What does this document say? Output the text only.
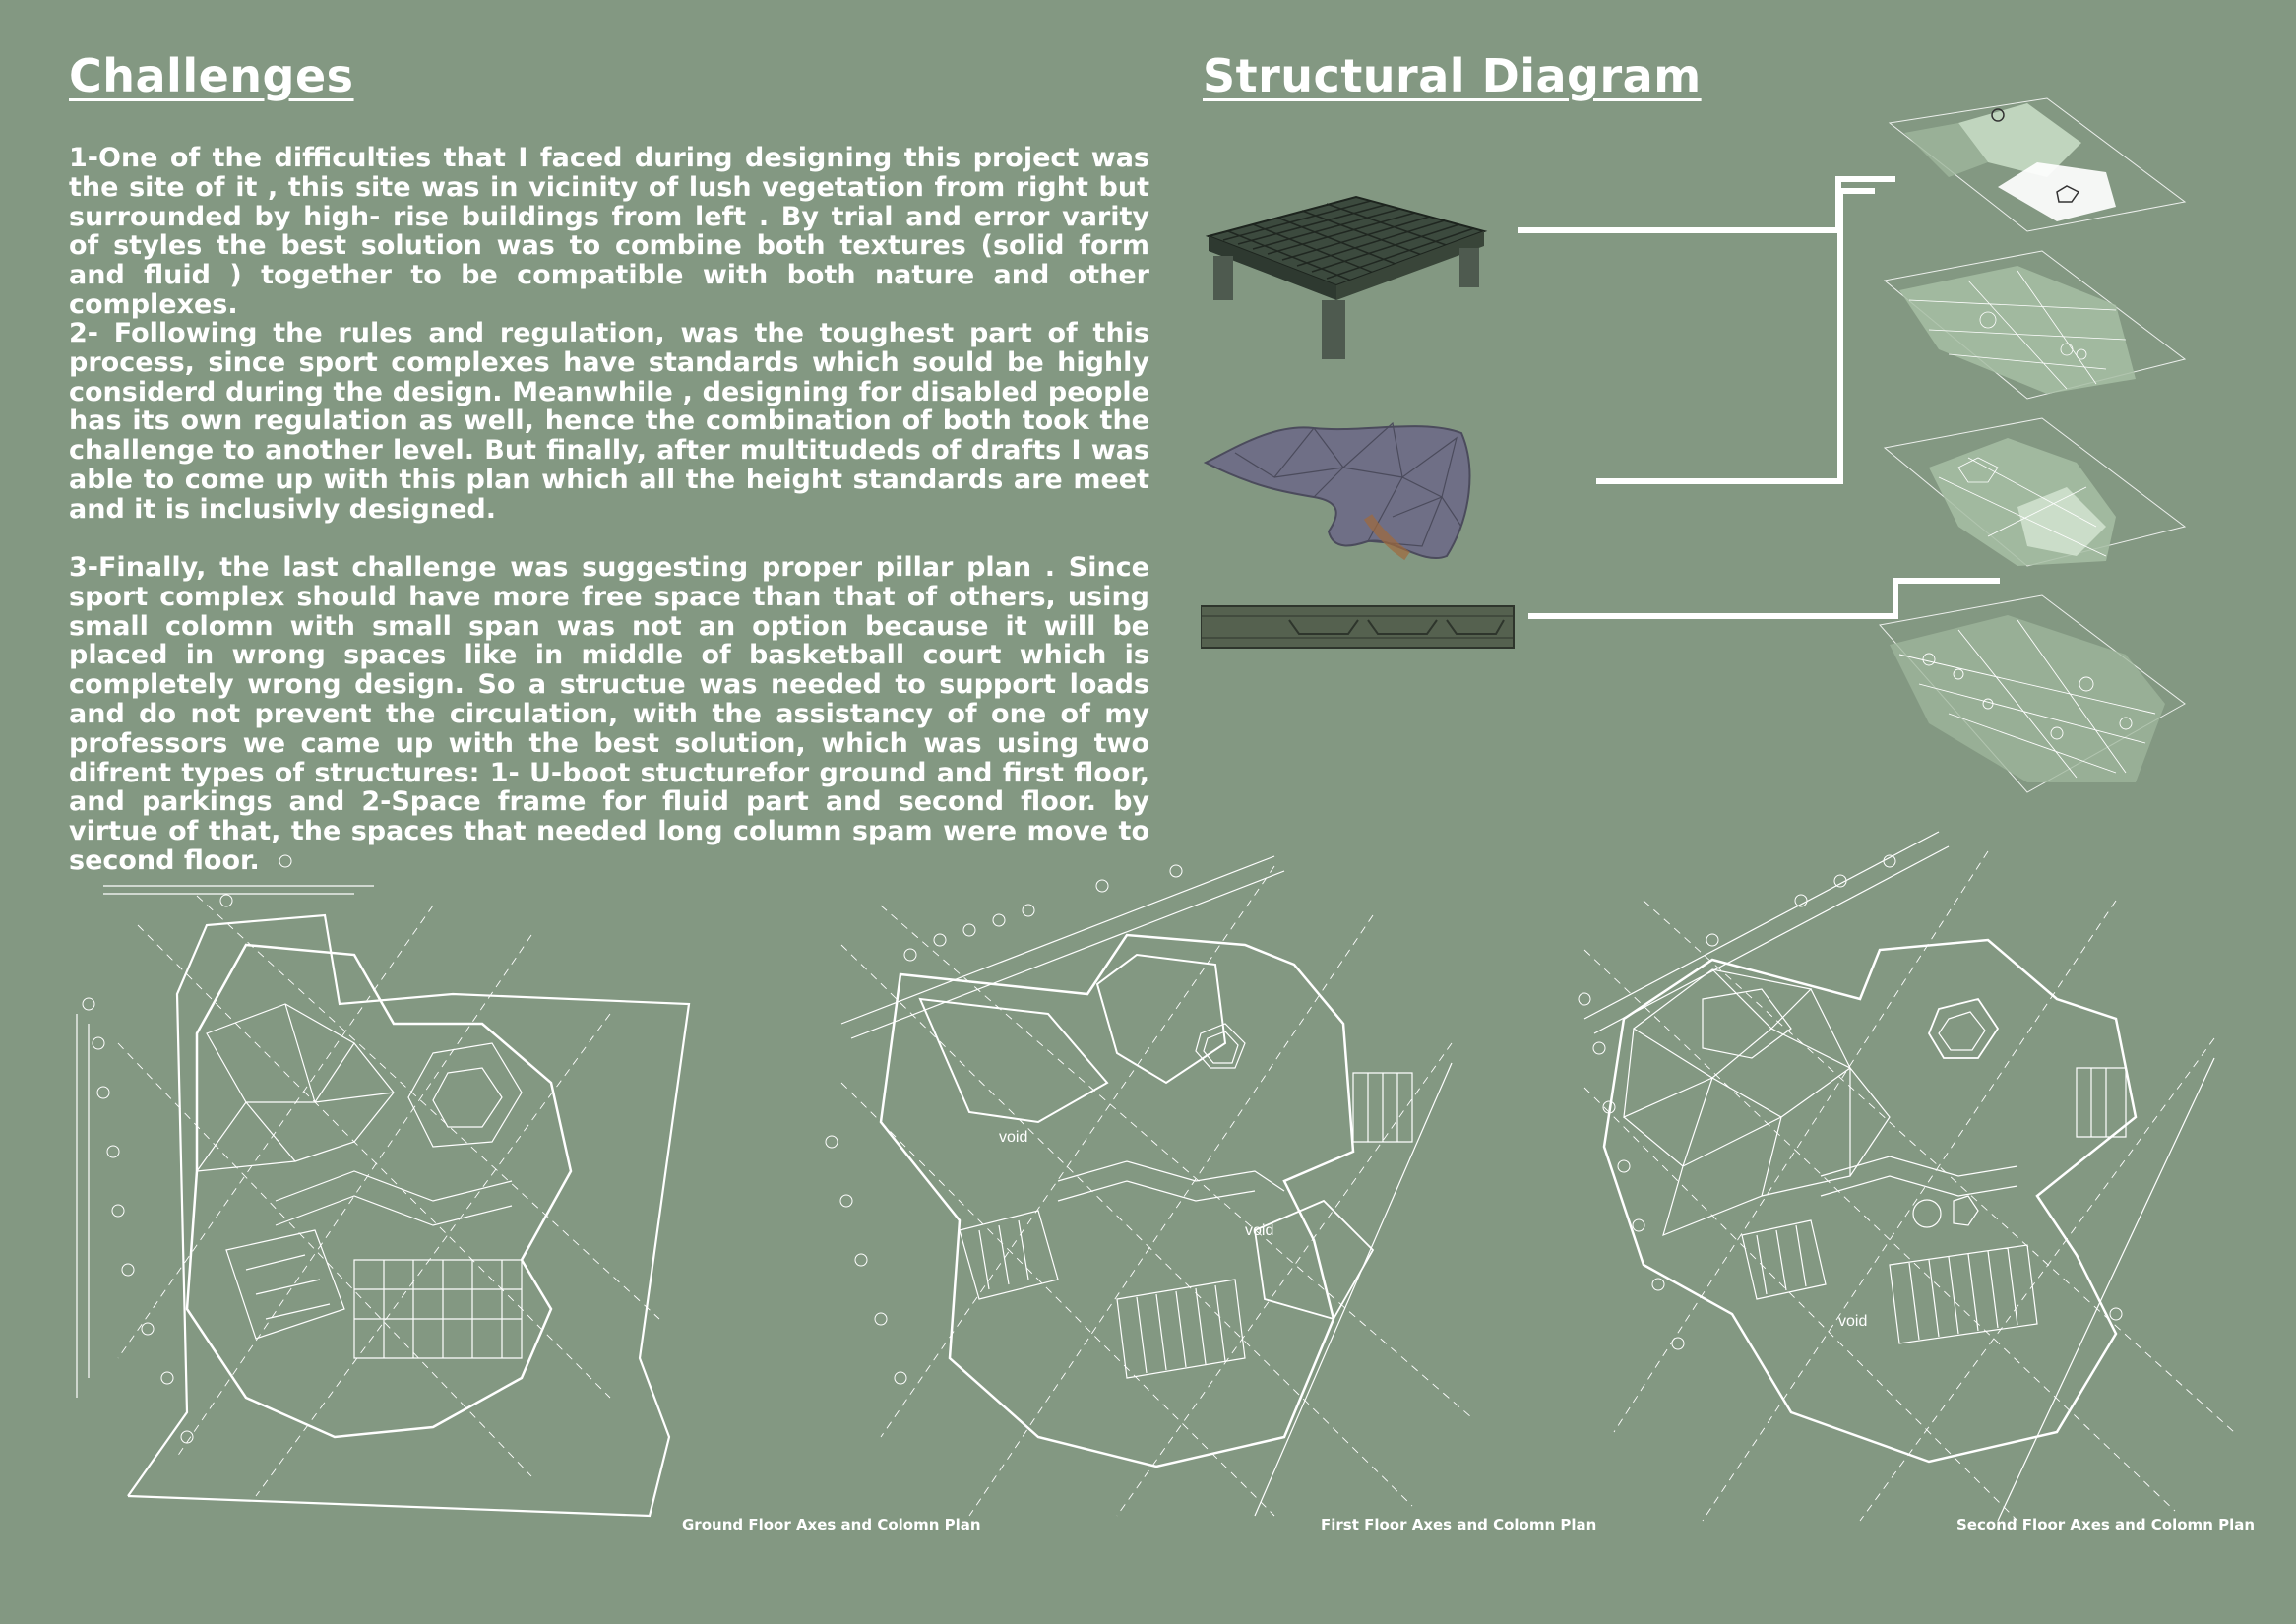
Challenges	Structural Diagram

1-One of the difficulties that I faced during designing this project was the site of it , this site was in vicinity of lush vegetation from right but surrounded by high- rise buildings from left . By trial and error varity of styles the best solution was to combine both textures (solid form and fluid ) together to be compatible with both nature and other complexes.

2- Following the rules and regulation, was the toughest part of this process, since sport complexes have standards which sould be highly considerd during the design. Meanwhile , designing for disabled people has its own regulation as well, hence the combination of both took the challenge to another level. But finally, after multitudeds of drafts I was able to come up with this plan which all the height standards are meet and it is inclusivly designed.

3-Finally, the last challenge was suggesting proper pillar plan . Since sport complex should have more free space than that of others, using small colomn with small span was not an option because it will be placed in wrong spaces like in middle of basketball court which is completely wrong design. So a structue was needed to support loads and do not prevent the circulation, with the assistancy of one of my professors we came up with the best solution, which was using two difrent types of structures: 1- U-boot stucturefor ground and first floor, and parkings and 2-Space frame for fluid part and second floor. by virtue of that, the spaces that needed long column spam were move to second floor.

Ground Floor Axes and Colomn Plan
void
void
First Floor Axes and Colomn Plan
void
Second Floor Axes and Colomn Plan
